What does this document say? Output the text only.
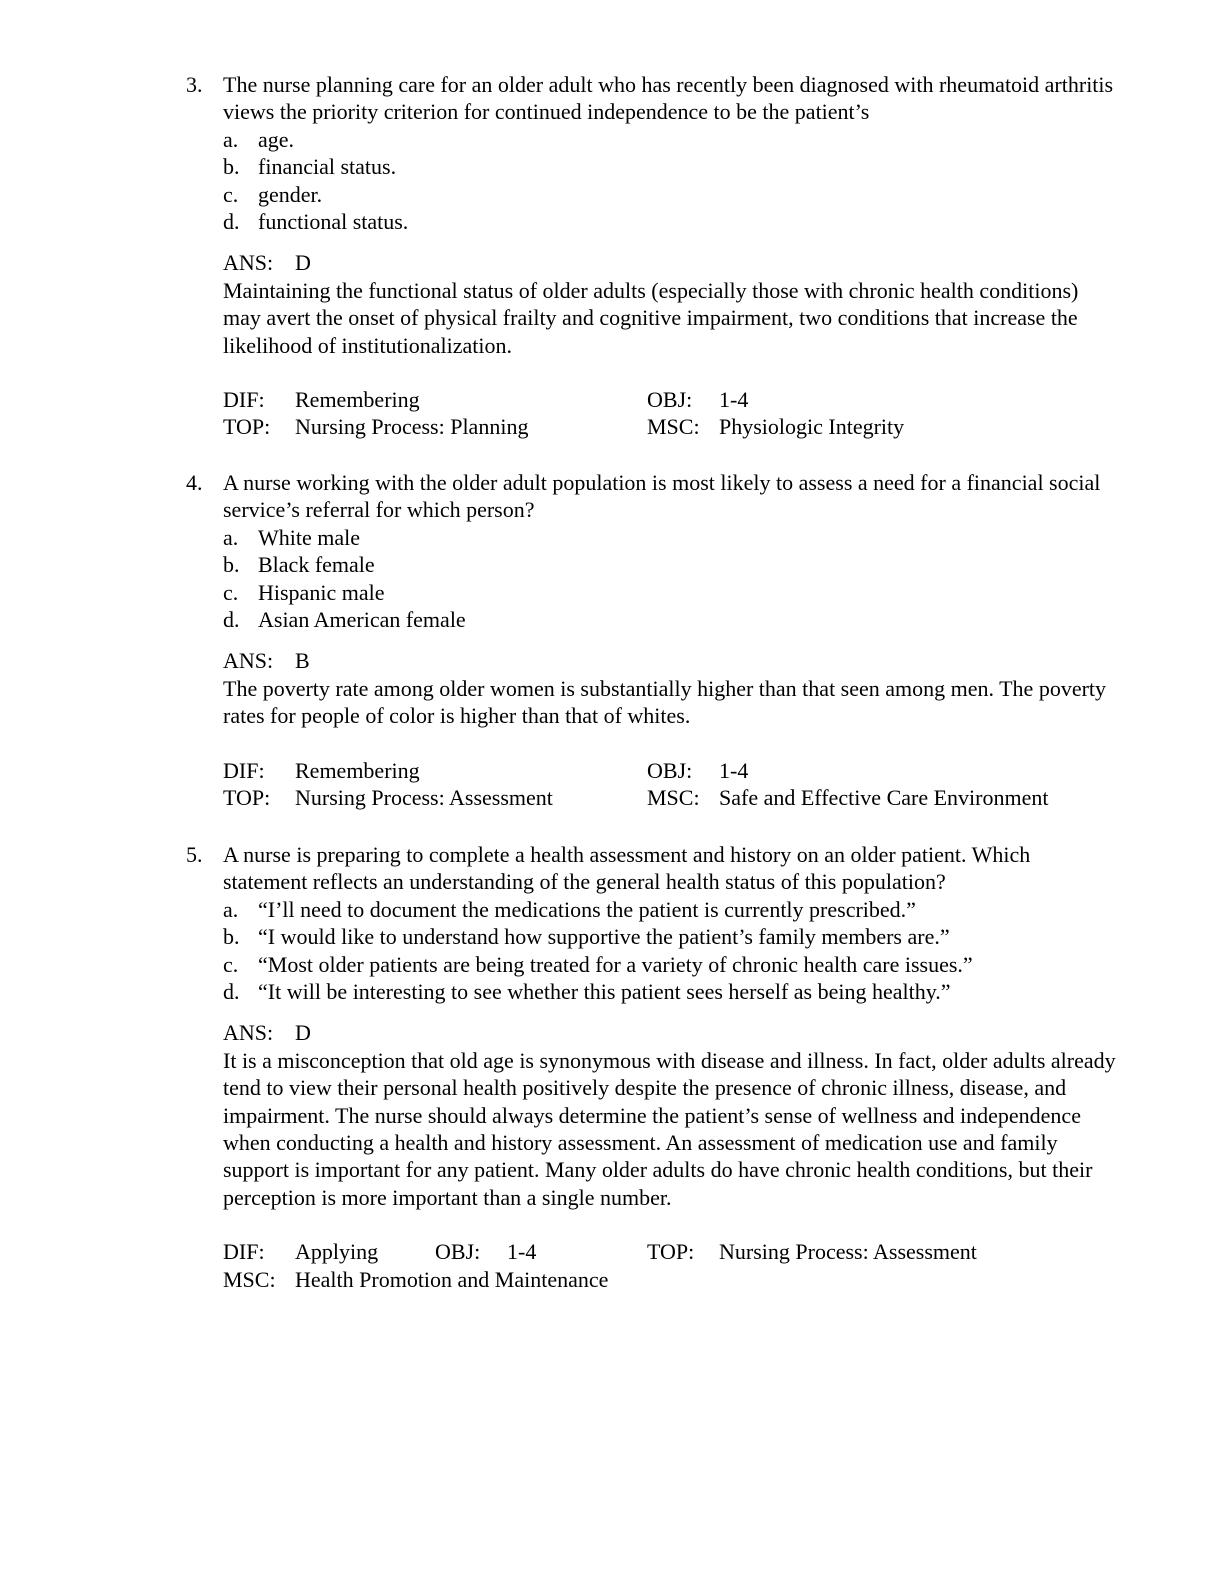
3. The nurse planning care for an older adult who has recently been diagnosed with rheumatoid arthritis views the priority criterion for continued independence to be the patient’s

a. age.
b. financial status.
c. gender.
d. functional status.
ANS: D

Maintaining the functional status of older adults (especially those with chronic health conditions) may avert the onset of physical frailty and cognitive impairment, two conditions that increase the likelihood of institutionalization.

DIF: Remembering	OBJ: 1-4
TOP: Nursing Process: Planning	MSC: Physiologic Integrity
4. A nurse working with the older adult population is most likely to assess a need for a financial social service’s referral for which person?

a. White male
b. Black female
c. Hispanic male
d. Asian American female
ANS: B

The poverty rate among older women is substantially higher than that seen among men. The poverty rates for people of color is higher than that of whites.

DIF: Remembering	OBJ: 1-4
TOP: Nursing Process: Assessment	MSC: Safe and Effective Care Environment
5. A nurse is preparing to complete a health assessment and history on an older patient. Which statement reflects an understanding of the general health status of this population?

a. “I’ll need to document the medications the patient is currently prescribed.”
b. “I would like to understand how supportive the patient’s family members are.”
c. “Most older patients are being treated for a variety of chronic health care issues.”
d. “It will be interesting to see whether this patient sees herself as being healthy.”
ANS: D

It is a misconception that old age is synonymous with disease and illness. In fact, older adults already tend to view their personal health positively despite the presence of chronic illness, disease, and impairment. The nurse should always determine the patient’s sense of wellness and independence when conducting a health and history assessment. An assessment of medication use and family support is important for any patient. Many older adults do have chronic health conditions, but their perception is more important than a single number.

DIF: Applying	OBJ: 1-4	TOP: Nursing Process: Assessment
MSC: Health Promotion and Maintenance
